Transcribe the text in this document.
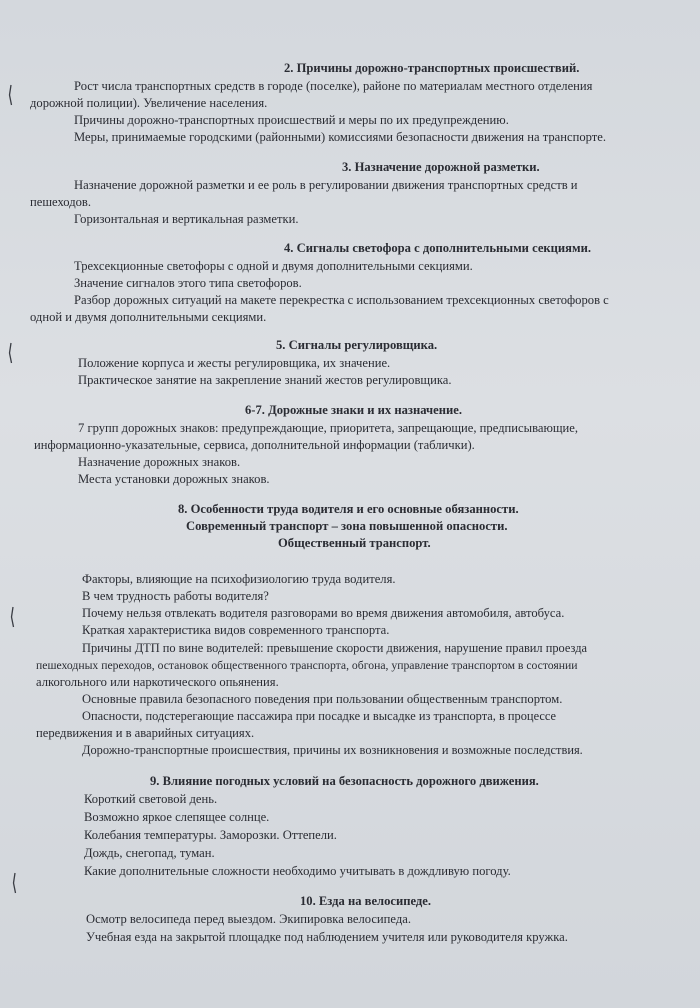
2. Причины дорожно-транспортных происшествий.
Рост числа транспортных средств в городе (поселке), районе по материалам местного отделения
дорожной полиции). Увеличение населения.
Причины дорожно-транспортных происшествий и меры по их предупреждению.
Меры, принимаемые городскими (районными) комиссиями безопасности движения на транспорте.
3. Назначение дорожной разметки.
Назначение дорожной разметки и ее роль в регулировании движения транспортных средств и
пешеходов.
Горизонтальная и вертикальная разметки.
4. Сигналы светофора с дополнительными секциями.
Трехсекционные светофоры с одной и двумя дополнительными секциями.
Значение сигналов этого типа светофоров.
Разбор дорожных ситуаций на макете перекрестка с использованием трехсекционных светофоров с
одной и двумя дополнительными секциями.
5. Сигналы регулировщика.
Положение корпуса и жесты регулировщика, их значение.
Практическое занятие на закрепление знаний жестов регулировщика.
6-7. Дорожные знаки и их назначение.
7 групп дорожных знаков: предупреждающие, приоритета, запрещающие, предписывающие,
информационно-указательные, сервиса, дополнительной информации (таблички).
Назначение дорожных знаков.
Места установки дорожных знаков.
8. Особенности труда водителя и его основные обязанности.
Современный транспорт – зона повышенной опасности.
Общественный транспорт.
Факторы, влияющие на психофизиологию труда водителя.
В чем трудность работы водителя?
Почему нельзя отвлекать водителя разговорами во время движения автомобиля, автобуса.
Краткая характеристика видов современного транспорта.
Причины ДТП по вине водителей: превышение скорости движения, нарушение правил проезда
пешеходных переходов, остановок общественного транспорта, обгона, управление транспортом в состоянии
алкогольного или наркотического опьянения.
Основные правила безопасного поведения при пользовании общественным транспортом.
Опасности, подстерегающие пассажира при посадке и высадке из транспорта, в процессе
передвижения и в аварийных ситуациях.
Дорожно-транспортные происшествия, причины их возникновения и возможные последствия.
9. Влияние погодных условий на безопасность дорожного движения.
Короткий световой день.
Возможно яркое слепящее солнце.
Колебания температуры. Заморозки. Оттепели.
Дождь, снегопад, туман.
Какие дополнительные сложности необходимо учитывать в дождливую погоду.
10. Езда на велосипеде.
Осмотр велосипеда перед выездом. Экипировка велосипеда.
Учебная езда на закрытой площадке под наблюдением учителя или руководителя кружка.
